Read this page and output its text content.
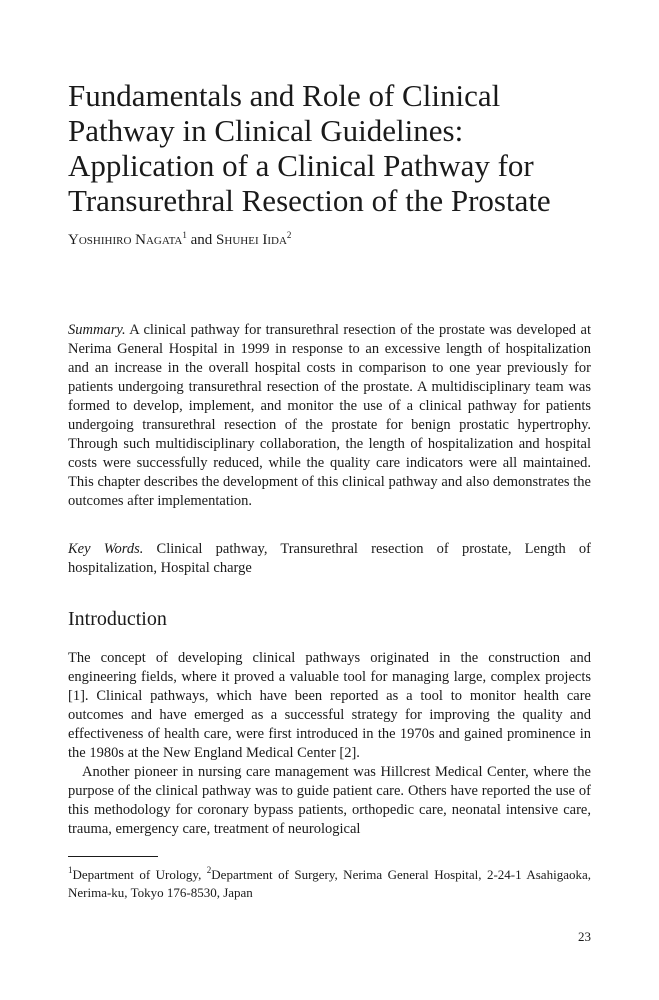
Fundamentals and Role of Clinical
Pathway in Clinical Guidelines:
Application of a Clinical Pathway for
Transurethral Resection of the Prostate
Yoshihiro Nagata$^1$ and Shuhei Iida$^2$

Summary. A clinical pathway for transurethral resection of the prostate was developed at Nerima General Hospital in 1999 in response to an excessive length of hospitalization and an increase in the overall hospital costs in comparison to one year previously for patients undergoing transurethral resection of the prostate. A multidisciplinary team was formed to develop, implement, and monitor the use of a clinical pathway for patients undergoing transurethral resection of the prostate for benign prostatic hypertrophy. Through such multidisciplinary collaboration, the length of hospitalization and hospital costs were successfully reduced, while the quality care indicators were all maintained. This chapter describes the development of this clinical pathway and also demonstrates the outcomes after implementation.

Key Words. Clinical pathway, Transurethral resection of prostate, Length of hospitalization, Hospital charge

Introduction

The concept of developing clinical pathways originated in the construction and engineering fields, where it proved a valuable tool for managing large, complex projects [1]. Clinical pathways, which have been reported as a tool to monitor health care outcomes and have emerged as a successful strategy for improving the quality and effectiveness of health care, were first introduced in the 1970s and gained prominence in the 1980s at the New England Medical Center [2].

Another pioneer in nursing care management was Hillcrest Medical Center, where the purpose of the clinical pathway was to guide patient care. Others have reported the use of this methodology for coronary bypass patients, orthopedic care, neonatal intensive care, trauma, emergency care, treatment of neurological

$^1$Department of Urology, $^2$Department of Surgery, Nerima General Hospital, 2-24-1 Asahigaoka, Nerima-ku, Tokyo 176-8530, Japan

23
